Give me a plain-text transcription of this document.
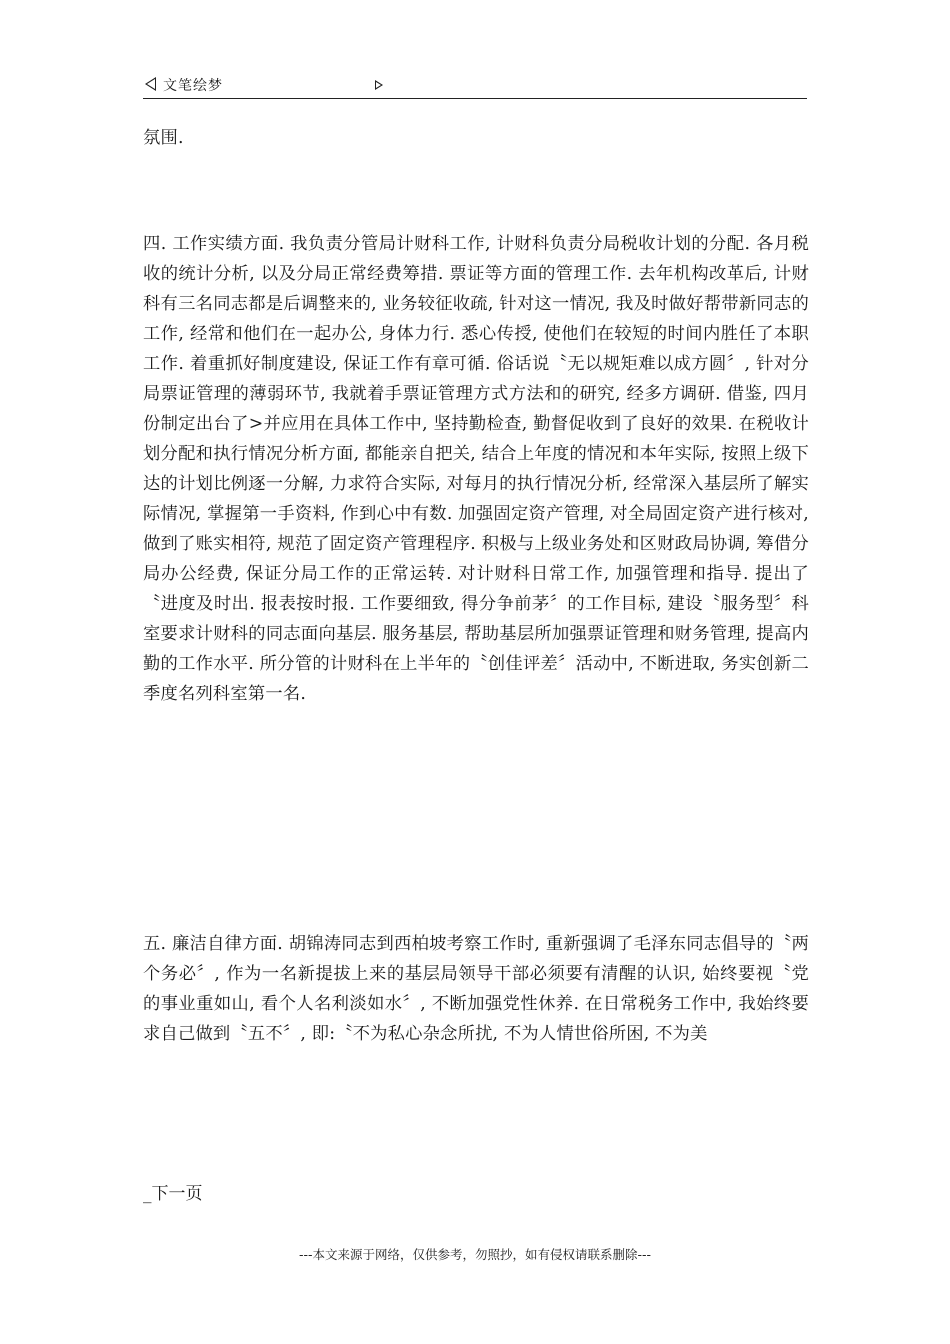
文笔绘梦

氛围.

四. 工作实绩方面. 我负责分管局计财科工作, 计财科负责分局税收计划的分配. 各月税收的统计分析, 以及分局正常经费筹措. 票证等方面的管理工作. 去年机构改革后, 计财科有三名同志都是后调整来的, 业务较征收疏, 针对这一情况, 我及时做好帮带新同志的工作, 经常和他们在一起办公, 身体力行. 悉心传授, 使他们在较短的时间内胜任了本职工作. 着重抓好制度建设, 保证工作有章可循. 俗话说〝无以规矩难以成方圆〞, 针对分局票证管理的薄弱环节, 我就着手票证管理方式方法和的研究, 经多方调研. 借鉴, 四月份制定出台了>并应用在具体工作中, 坚持勤检查, 勤督促收到了良好的效果. 在税收计划分配和执行情况分析方面, 都能亲自把关, 结合上年度的情况和本年实际, 按照上级下达的计划比例逐一分解, 力求符合实际, 对每月的执行情况分析, 经常深入基层所了解实际情况, 掌握第一手资料, 作到心中有数. 加强固定资产管理, 对全局固定资产进行核对, 做到了账实相符, 规范了固定资产管理程序. 积极与上级业务处和区财政局协调, 筹借分局办公经费, 保证分局工作的正常运转. 对计财科日常工作, 加强管理和指导. 提出了〝进度及时出. 报表按时报. 工作要细致, 得分争前茅〞的工作目标, 建设〝服务型〞科室要求计财科的同志面向基层. 服务基层, 帮助基层所加强票证管理和财务管理, 提高内勤的工作水平. 所分管的计财科在上半年的〝创佳评差〞活动中, 不断进取, 务实创新二季度名列科室第一名.

五. 廉洁自律方面. 胡锦涛同志到西柏坡考察工作时, 重新强调了毛泽东同志倡导的〝两个务必〞, 作为一名新提拔上来的基层局领导干部必须要有清醒的认识, 始终要视〝党的事业重如山, 看个人名利淡如水〞, 不断加强党性休养. 在日常税务工作中, 我始终要求自己做到〝五不〞, 即:〝不为私心杂念所扰, 不为人情世俗所困, 不为美

_下一页
---本文来源于网络，仅供参考，勿照抄，如有侵权请联系删除---
